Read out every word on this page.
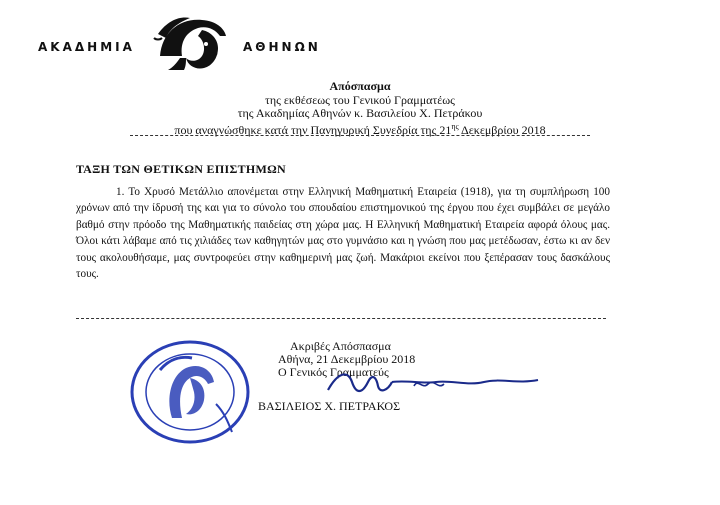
ΑΚΑΔΗΜΙΑ	ΑΘΗΝΩΝ
Απόσπασμα
της εκθέσεως του Γενικού Γραμματέως
της Ακαδημίας Αθηνών κ. Βασιλείου Χ. Πετράκου
που αναγνώσθηκε κατά την Πανηγυρική Συνεδρία της $21^{\eta\varsigma}$ Δεκεμβρίου 2018
ΤΑΞΗ ΤΩΝ ΘΕΤΙΚΩΝ ΕΠΙΣΤΗΜΩΝ

1. Το Χρυσό Μετάλλιο απονέμεται στην Ελληνική Μαθηματική Εταιρεία (1918), για τη συμπλήρωση 100 χρόνων από την ίδρυσή της και για το σύνολο του σπουδαίου επιστημονικού της έργου που έχει συμβάλει σε μεγάλο βαθμό στην πρόοδο της Μαθηματικής παιδείας στη χώρα μας. Η Ελληνική Μαθηματική Εταιρεία αφορά όλους μας. Όλοι κάτι λάβαμε από τις χιλιάδες των καθηγητών μας στο γυμνάσιο και η γνώση που μας μετέδωσαν, έστω κι αν δεν τους ακολουθήσαμε, μας συντροφεύει στην καθημερινή μας ζωή. Μακάριοι εκείνοι που ξεπέρασαν τους δασκάλους τους.

Ακριβές Απόσπασμα
Αθήνα, 21 Δεκεμβρίου 2018
Ο Γενικός Γραμματεύς
ΒΑΣΙΛΕΙΟΣ Χ. ΠΕΤΡΑΚΟΣ
